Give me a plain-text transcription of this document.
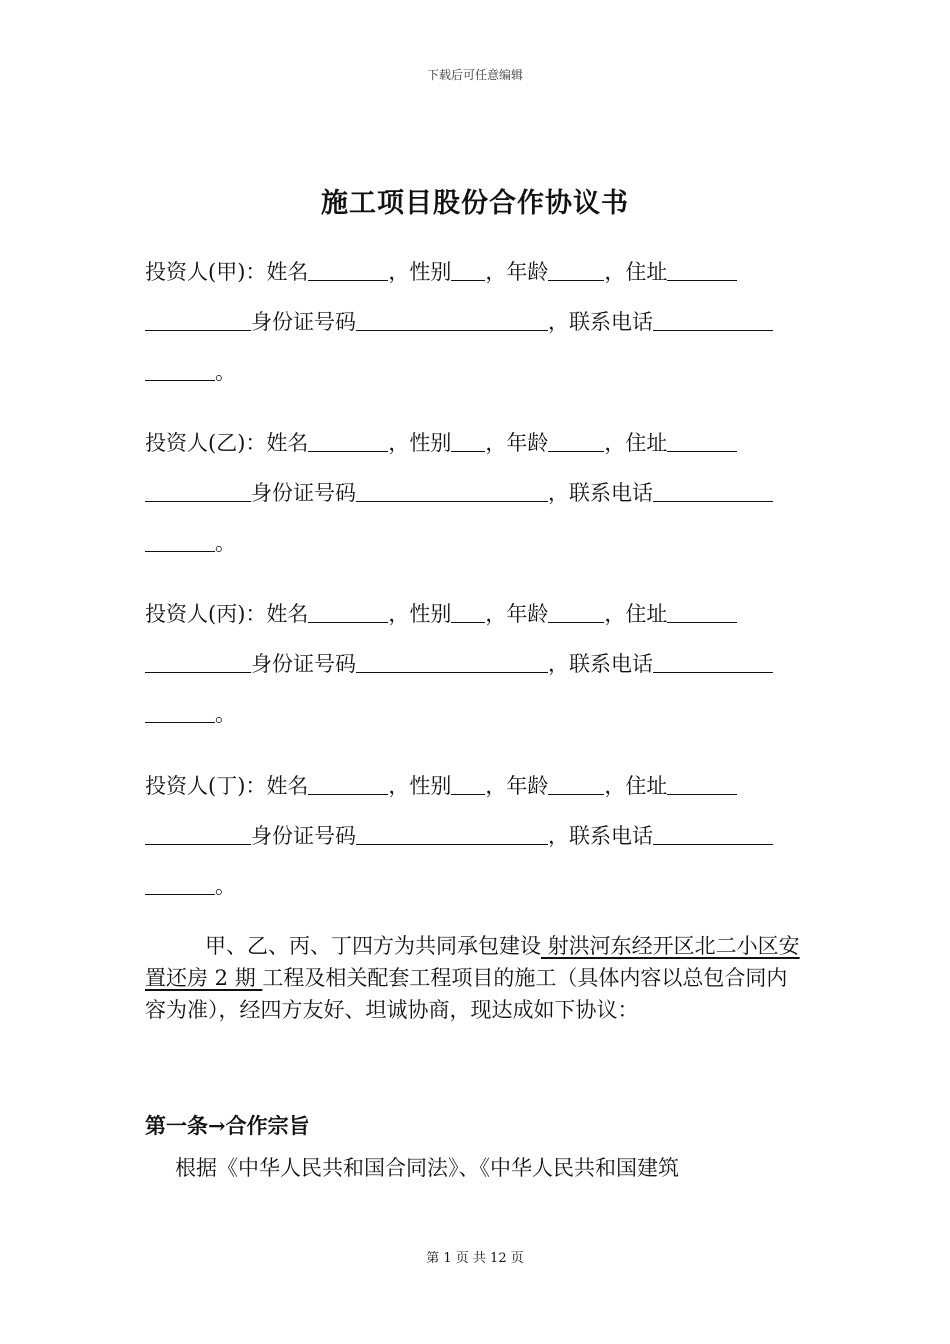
下载后可任意编辑
施工项目股份合作协议书
投资人(甲)：姓名	，性别 ，年龄	，住址
身份证号码	，联系电话
。
投资人(乙)：姓名	，性别 ，年龄	，住址
身份证号码	，联系电话
。
投资人(丙)：姓名	，性别 ，年龄	，住址
身份证号码	，联系电话
。
投资人(丁)：姓名	，性别 ，年龄	，住址
身份证号码	，联系电话
。
甲、乙、丙、丁四方为共同承包建设 射洪河东经开区北二小区安置还房 2 期 工程及相关配套工程项目的施工（具体内容以总包合同内容为准），经四方友好、坦诚协商，现达成如下协议：
第一条→合作宗旨
根据《中华人民共和国合同法》、《中华人民共和国建筑
第 1 页 共 12 页
